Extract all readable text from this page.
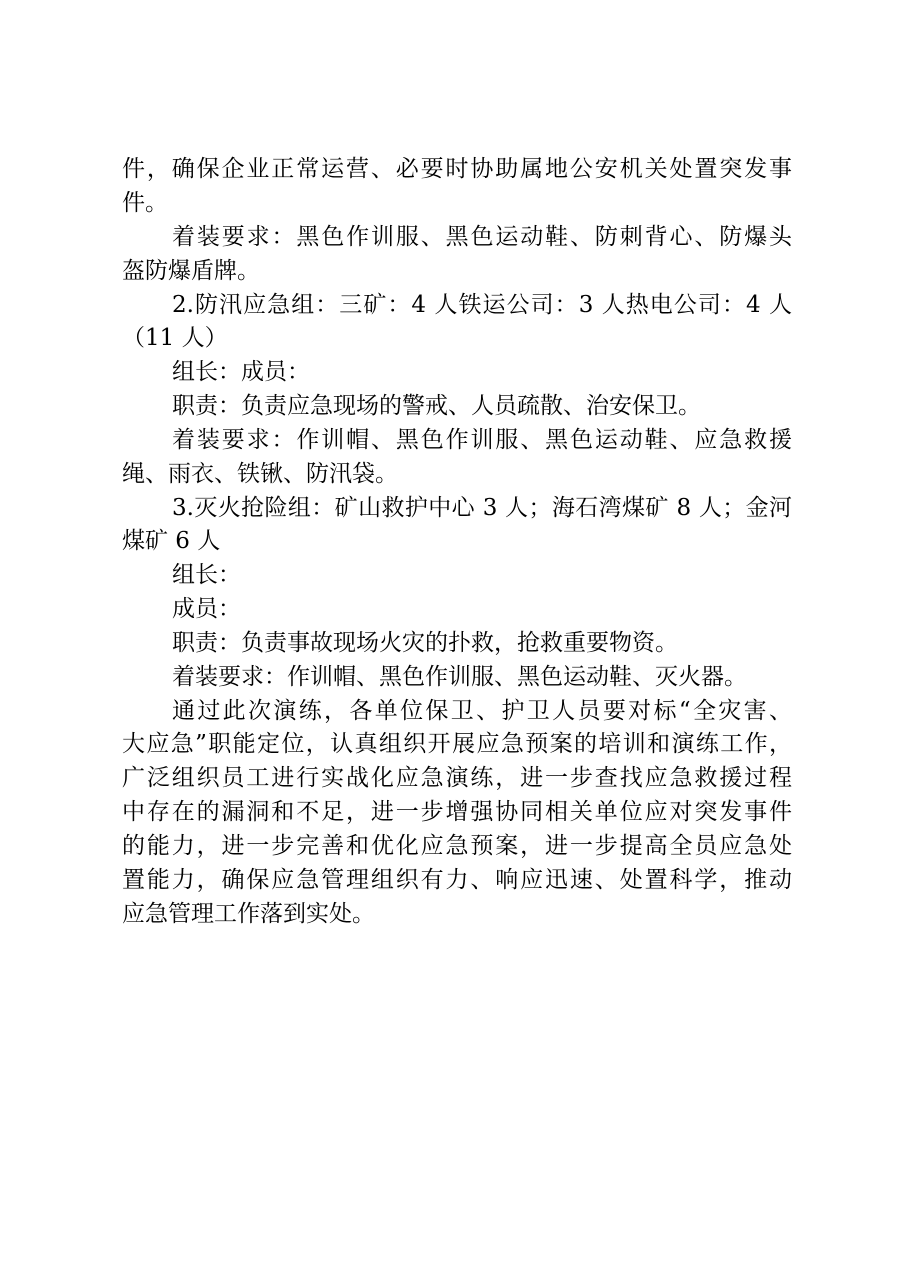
件，确保企业正常运营、必要时协助属地公安机关处置突发事
件。
着装要求：黑色作训服、黑色运动鞋、防刺背心、防爆头
盔防爆盾牌。
2.防汛应急组：三矿：4 人铁运公司：3 人热电公司：4 人
（11 人）
组长：成员：
职责：负责应急现场的警戒、人员疏散、治安保卫。
着装要求：作训帽、黑色作训服、黑色运动鞋、应急救援
绳、雨衣、铁锹、防汛袋。
3.灭火抢险组：矿山救护中心 3 人；海石湾煤矿 8 人；金河
煤矿 6 人
组长：
成员：
职责：负责事故现场火灾的扑救，抢救重要物资。
着装要求：作训帽、黑色作训服、黑色运动鞋、灭火器。
通过此次演练，各单位保卫、护卫人员要对标“全灾害、
大应急”职能定位，认真组织开展应急预案的培训和演练工作，
广泛组织员工进行实战化应急演练，进一步查找应急救援过程
中存在的漏洞和不足，进一步增强协同相关单位应对突发事件
的能力，进一步完善和优化应急预案，进一步提高全员应急处
置能力，确保应急管理组织有力、响应迅速、处置科学，推动
应急管理工作落到实处。
